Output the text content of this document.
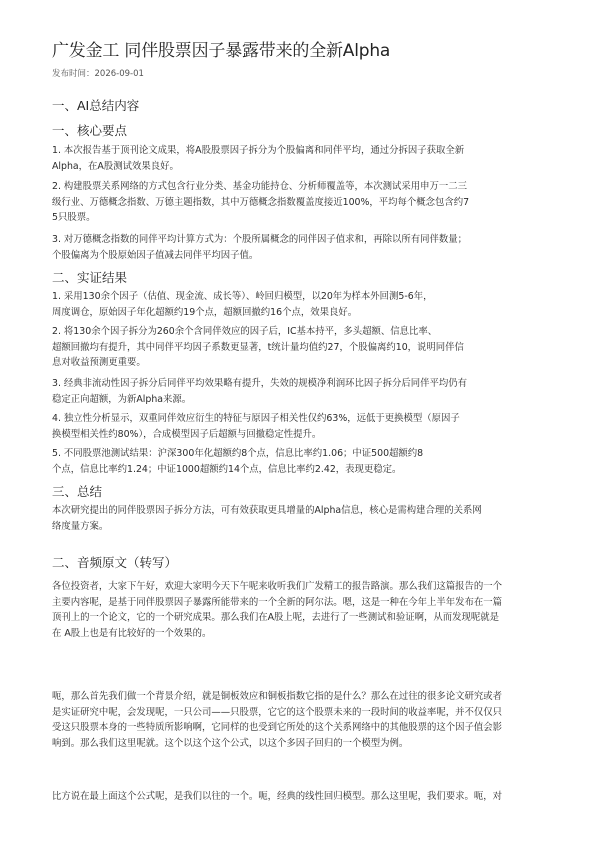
广发金工 同伴股票因子暴露带来的全新Alpha
发布时间：2026-09-01
一、AI总结内容
一、核心要点
1. 本次报告基于顶刊论文成果，将A股股票因子拆分为个股偏离和同伴平均，通过分拆因子获取全新
Alpha，在A股测试效果良好。
2. 构建股票关系网络的方式包含行业分类、基金功能持仓、分析师覆盖等，本次测试采用申万一二三
级行业、万德概念指数、万德主题指数，其中万德概念指数覆盖度接近100%，平均每个概念包含约7
5只股票。
3. 对万德概念指数的同伴平均计算方式为：个股所属概念的同伴因子值求和，再除以所有同伴数量；
个股偏离为个股原始因子值减去同伴平均因子值。
二、实证结果
1. 采用130余个因子（估值、现金流、成长等）、岭回归模型，以20年为样本外回测5-6年，
周度调仓，原始因子年化超额约19个点，超额回撤约16个点，效果良好。
2. 将130余个因子拆分为260余个含同伴效应的因子后，IC基本持平，多头超额、信息比率、
超额回撤均有提升，其中同伴平均因子系数更显著，t统计量均值约27，个股偏离约10，说明同伴信
息对收益预测更重要。
3. 经典非流动性因子拆分后同伴平均效果略有提升，失效的规模净利润环比因子拆分后同伴平均仍有
稳定正向超额，为新Alpha来源。
4. 独立性分析显示，双重同伴效应衍生的特征与原因子相关性仅约63%，远低于更换模型（原因子
换模型相关性约80%），合成模型因子后超额与回撤稳定性提升。
5. 不同股票池测试结果：沪深300年化超额约8个点，信息比率约1.06；中证500超额约8
个点，信息比率约1.24；中证1000超额约14个点，信息比率约2.42，表现更稳定。
三、总结
本次研究提出的同伴股票因子拆分方法，可有效获取更具增量的Alpha信息，核心是需构建合理的关系网
络度量方案。
二、音频原文（转写）
各位投资者，大家下午好，欢迎大家明今天下午呢来收听我们广发精工的报告路演。那么我们这篇报告的一个
主要内容呢，是基于同伴股票因子暴露所能带来的一个全新的阿尔法。嗯，这是一种在今年上半年发布在一篇
顶刊上的一个论文，它的一个研究成果。那么我们在A股上呢，去进行了一些测试和验证啊，从而发现呢就是
在 A股上也是有比较好的一个效果的。
呃，那么首先我们做一个背景介绍，就是铜板效应和铜板指数它指的是什么？那么在过往的很多论文研究或者
是实证研究中呢，会发现呢，一只公司——只股票，它它的这个股票未来的一段时间的收益率呢，并不仅仅只
受这只股票本身的一些特质所影响啊，它同样的也受到它所处的这个关系网络中的其他股票的这个因子值会影
响到。那么我们这里呢就。这个以这个这个公式，以这个多因子回归的一个模型为例。
比方说在最上面这个公式呢，是我们以往的一个。呃，经典的线性回归模型。那么这里呢，我们要求。呃，对
